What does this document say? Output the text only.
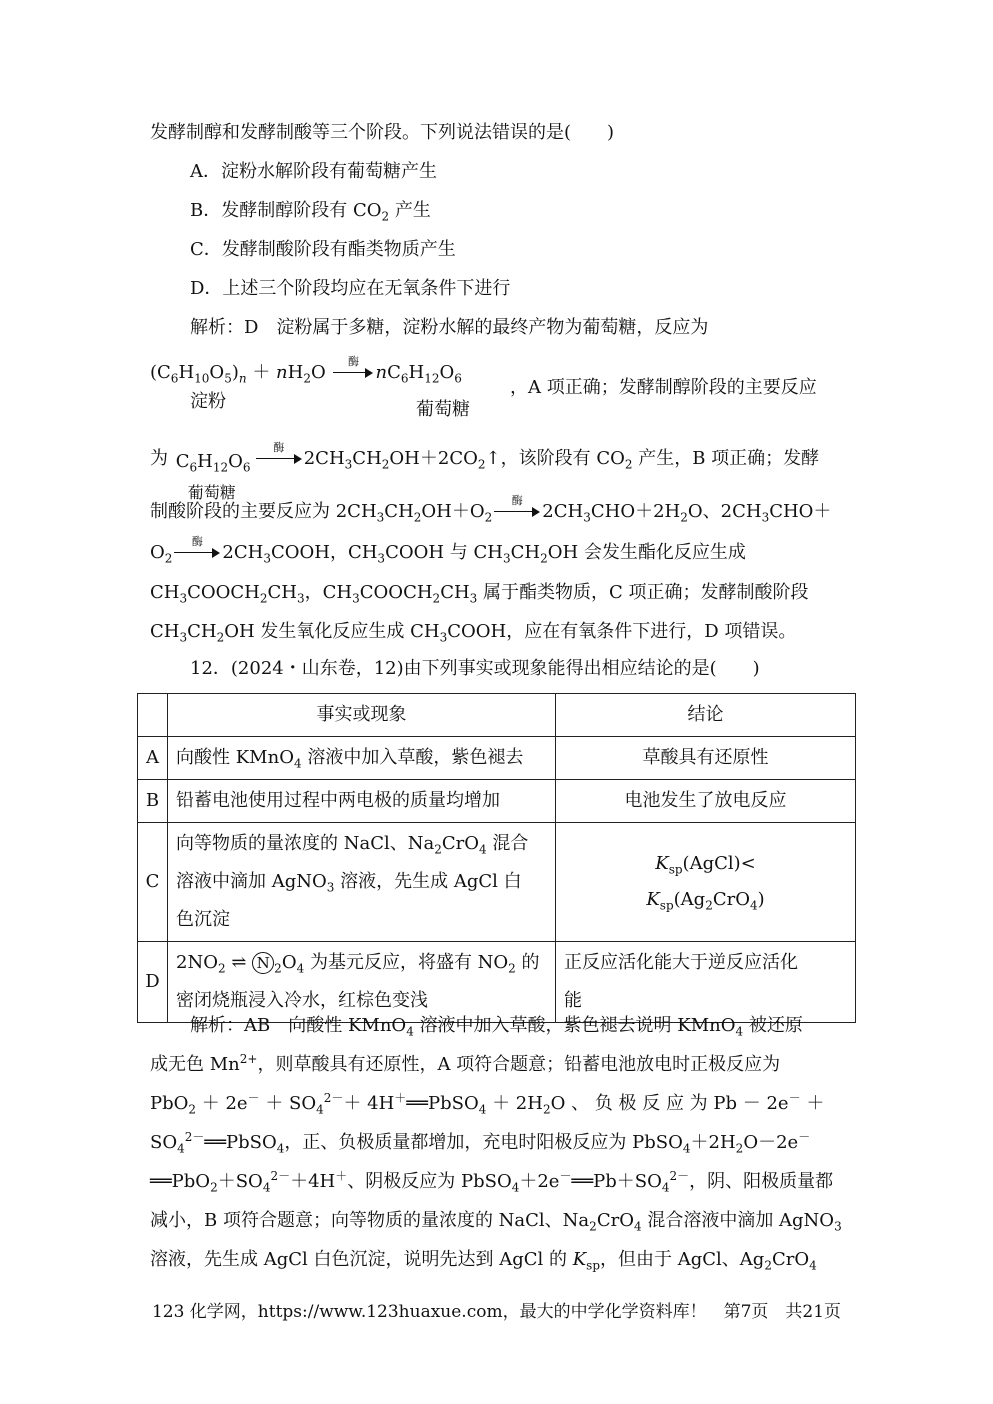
发酵制醇和发酵制酸等三个阶段。下列说法错误的是(　　)
A．淀粉水解阶段有葡萄糖产生
B．发酵制醇阶段有 $CO_2$ 产生
C．发酵制酸阶段有酯类物质产生
D．上述三个阶段均应在无氧条件下进行
解析：D　淀粉属于多糖，淀粉水解的最终产物为葡萄糖，反应为
$(C_6H_{10}O_5)_n + nH_2O$
酶
$nC_6H_{12}O_6$
淀粉	葡萄糖
，A 项正确；发酵制醇阶段的主要反应
为 $C_6H_{12}O_6$
葡萄糖
酶
$2CH_3CH_2OH+2CO_2↑$，该阶段有 $CO_2$ 产生，B 项正确；发酵
制酸阶段的主要反应为 $2CH_3CH_2OH+O_2$
酶
$2CH_3CHO+2H_2O$、$2CH_3CHO+$
$O_2$
酶
$2CH_3COOH$，$CH_3COOH$ 与 $CH_3CH_2OH$ 会发生酯化反应生成
$CH_3COOCH_2CH_3$，$CH_3COOCH_2CH_3$ 属于酯类物质，C 项正确；发酵制酸阶段
$CH_3CH_2OH$ 发生氧化反应生成 $CH_3COOH$，应在有氧条件下进行，D 项错误。
12．(2024・山东卷，12)由下列事实或现象能得出相应结论的是(　　)
	事实或现象	结论
A	向酸性 KMnO$_4$ 溶液中加入草酸，紫色褪去	草酸具有还原性
B	铅蓄电池使用过程中两电极的质量均增加	电池发生了放电反应
C	向等物质的量浓度的 NaCl、$Na_2CrO_4$ 混合
溶液中滴加 AgNO$_3$ 溶液，先生成 AgCl 白
色沉淀	$K_{sp}(AgCl)<$
$K_{sp}(Ag_2CrO_4)$
D	$2NO_2$ ⇌ N $_2O_4$ 为基元反应，将盛有 $NO_2$ 的
密闭烧瓶浸入冷水，红棕色变浅	正反应活化能大于逆反应活化
能
解析：AB　向酸性 KMnO$_4$ 溶液中加入草酸，紫色褪去说明 KMnO$_4$ 被还原
成无色 $Mn^{2+}$，则草酸具有还原性，A 项符合题意；铅蓄电池放电时正极反应为
$PbO_2 + 2e^- + SO_4^{2-}+$ 4H＋══PbSO$_4$ ＋ $2H_2O$ 、 负 极 反 应 为 Pb － 2e－ ＋
$SO_4^{2-}══PbSO_4$，正、负极质量都增加，充电时阳极反应为 $PbSO_4+2H_2O-2e^-$
$══PbO_2+SO_4^{2-}+4H^+$、阴极反应为 $PbSO_4+2e^-══Pb+SO_4^{2-}$，阴、阳极质量都
减小，B 项符合题意；向等物质的量浓度的 NaCl、$Na_2CrO_4$ 混合溶液中滴加 AgNO$_3$
溶液，先生成 AgCl 白色沉淀，说明先达到 AgCl 的 $K_{sp}$，但由于 AgCl、$Ag_2CrO_4$
123 化学网，https://www.123huaxue.com，最大的中学化学资料库！　第7页　共21页
